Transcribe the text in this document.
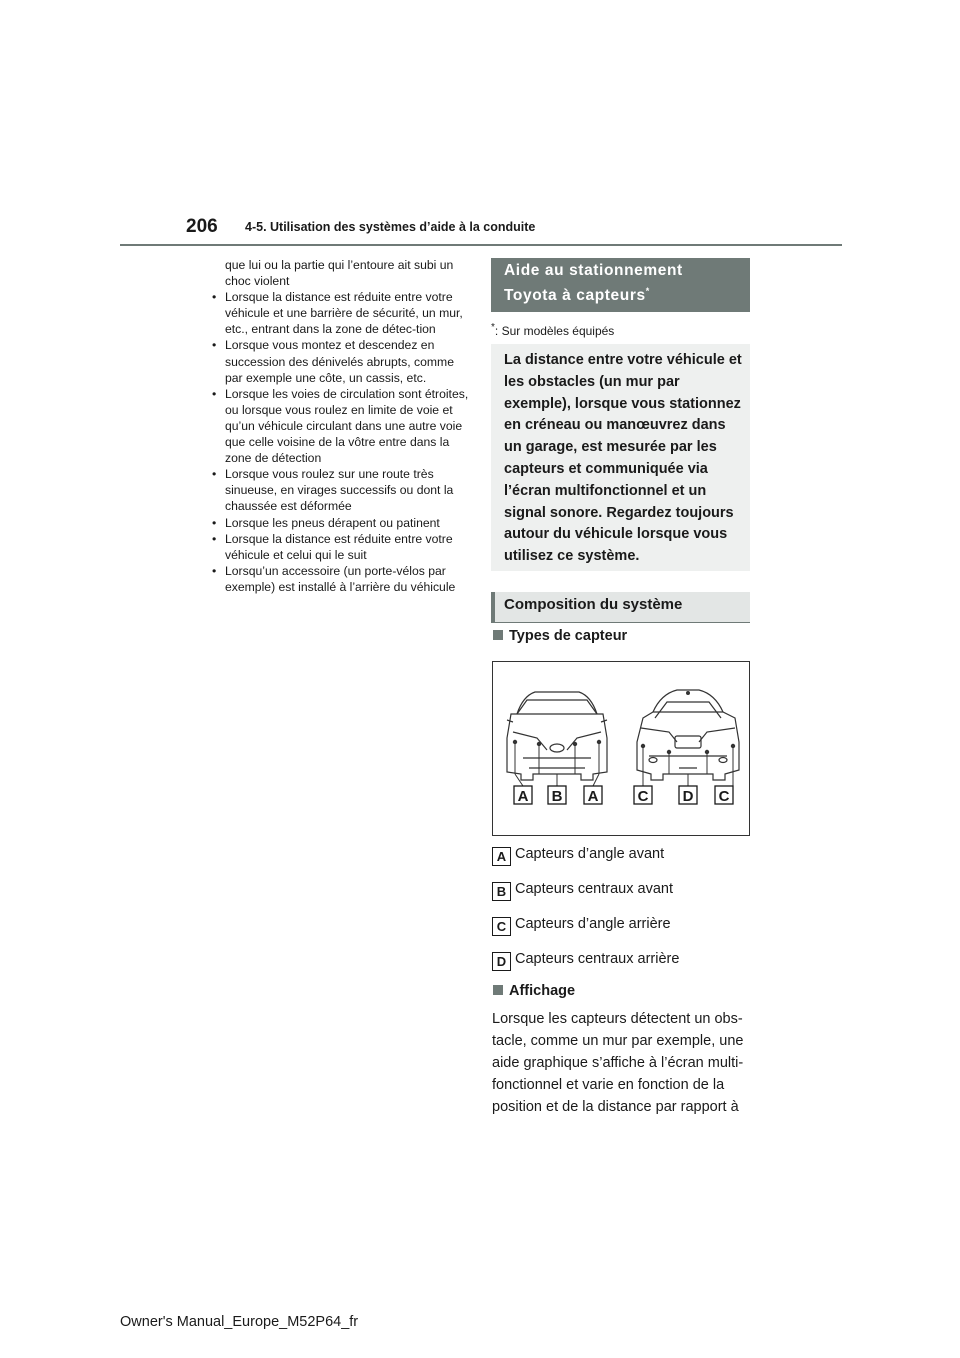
206 4-5. Utilisation des systèmes d’aide à la conduite
que lui ou la partie qui l’entoure ait subi un choc violent
• Lorsque la distance est réduite entre votre véhicule et une barrière de sécurité, un mur, etc., entrant dans la zone de détec-tion
• Lorsque vous montez et descendez en succession des dénivelés abrupts, comme par exemple une côte, un cassis, etc.
• Lorsque les voies de circulation sont étroites, ou lorsque vous roulez en limite de voie et qu’un véhicule circulant dans une autre voie que celle voisine de la vôtre entre dans la zone de détection
• Lorsque vous roulez sur une route très sinueuse, en virages successifs ou dont la chaussée est déformée
• Lorsque les pneus dérapent ou patinent
• Lorsque la distance est réduite entre votre véhicule et celui qui le suit
• Lorsqu’un accessoire (un porte-vélos par exemple) est installé à l’arrière du véhicule
Aide au stationnement
Toyota à capteurs*
*: Sur modèles équipés
La distance entre votre véhicule et les obstacles (un mur par exemple), lorsque vous stationnez en créneau ou manœuvrez dans un garage, est mesurée par les capteurs et communiquée via l’écran multifonctionnel et un signal sonore. Regardez toujours autour du véhicule lorsque vous utilisez ce système.
Composition du système
Types de capteur
A B A	C D C
A Capteurs d’angle avant
B Capteurs centraux avant
C Capteurs d’angle arrière
D Capteurs centraux arrière
Affichage
Lorsque les capteurs détectent un obs-tacle, comme un mur par exemple, une aide graphique s’affiche à l’écran multi-fonctionnel et varie en fonction de la position et de la distance par rapport à
Owner's Manual_Europe_M52P64_fr
